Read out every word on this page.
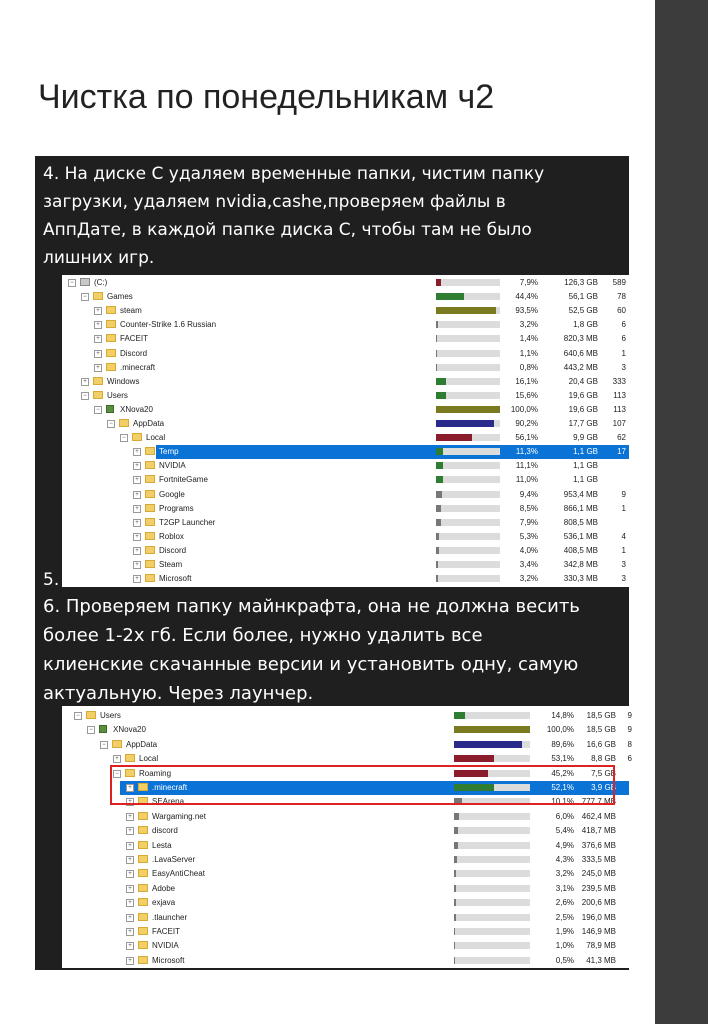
Чистка по понедельникам ч2
4. На диске С удаляем временные папки, чистим папку
загрузки, удаляем nvidia,cashe,проверяем файлы в
АппДате, в каждой папке диска С, чтобы там не было
лишних игр.
−	(C:)	7,9%	126,3 GB	589
−	Games	44,4%	56,1 GB	78
+	steam	93,5%	52,5 GB	60
+	Counter-Strike 1.6 Russian	3,2%	1,8 GB	6
+	FACEIT	1,4%	820,3 MB	6
+	Discord	1,1%	640,6 MB	1
+	.minecraft	0,8%	443,2 MB	3
+	Windows	16,1%	20,4 GB	333
−	Users	15,6%	19,6 GB	113
−	XNova20	100,0%	19,6 GB	113
−	AppData	90,2%	17,7 GB	107
−	Local	56,1%	9,9 GB	62
+	Temp	11,3%	1,1 GB	17
+	NVIDIA	11,1%	1,1 GB
+	FortniteGame	11,0%	1,1 GB
+	Google	9,4%	953,4 MB	9
+	Programs	8,5%	866,1 MB	1
+	T2GP Launcher	7,9%	808,5 MB
+	Roblox	5,3%	536,1 MB	4
+	Discord	4,0%	408,5 MB	1
+	Steam	3,4%	342,8 MB	3
+	Microsoft	3,2%	330,3 MB	3
5.
6. Проверяем папку майнкрафта, она не должна весить
более 1-2х гб. Если более, нужно удалить все
клиенские скачанные версии и установить одну, самую
актуальную. Через лаунчер.
−	Users	14,8%	18,5 GB	9
−	XNova20	100,0%	18,5 GB	9
−	AppData	89,6%	16,6 GB	8
+	Local	53,1%	8,8 GB	6
−	Roaming	45,2%	7,5 GB
+	.minecraft	52,1%	3,9 GB
+	SEArena	10,1% 777,7 MB
+	Wargaming.net	6,0% 462,4 MB
+	discord	5,4% 418,7 MB
+	Lesta	4,9% 376,6 MB
+	.LavaServer	4,3% 333,5 MB
+	EasyAntiCheat	3,2% 245,0 MB
+	Adobe	3,1% 239,5 MB
+	exjava	2,6% 200,6 MB
+	.tlauncher	2,5% 196,0 MB
+	FACEIT	1,9% 146,9 MB
+	NVIDIA	1,0%	78,9 MB
+	Microsoft	0,5%	41,3 MB
